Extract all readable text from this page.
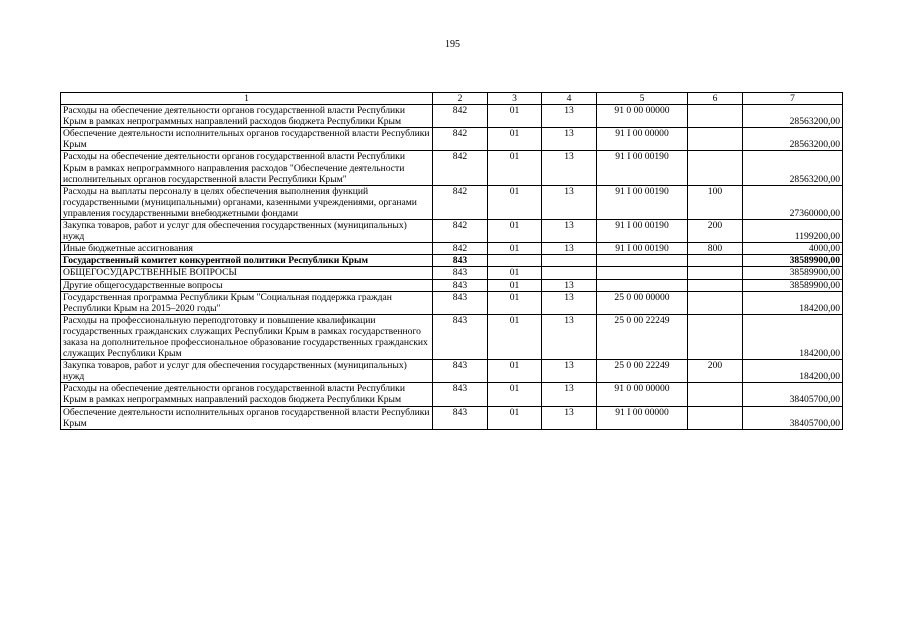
195
1	2	3	4	5	6	7
Расходы на обеспечение деятельности органов государственной власти Республики Крым в рамках непрограммных направлений расходов бюджета Республики Крым	842	01	13	91 0 00 00000		28563200,00
Обеспечение деятельности исполнительных органов государственной власти Республики Крым	842	01	13	91 I 00 00000		28563200,00
Расходы на обеспечение деятельности органов государственной власти Республики Крым в рамках непрограммного направления расходов "Обеспечение деятельности исполнительных органов государственной власти Республики Крым"	842	01	13	91 I 00 00190		28563200,00
Расходы на выплаты персоналу в целях обеспечения выполнения функций государственными (муниципальными) органами, казенными учреждениями, органами управления государственными внебюджетными фондами	842	01	13	91 I 00 00190	100	27360000,00
Закупка товаров, работ и услуг для обеспечения государственных (муниципальных) нужд	842	01	13	91 I 00 00190	200	1199200,00
Иные бюджетные ассигнования	842	01	13	91 I 00 00190	800	4000,00
Государственный комитет конкурентной политики Республики Крым	843					38589900,00
ОБЩЕГОСУДАРСТВЕННЫЕ ВОПРОСЫ	843	01				38589900,00
Другие общегосударственные вопросы	843	01	13			38589900,00
Государственная программа Республики Крым "Социальная поддержка граждан Республики Крым на 2015–2020 годы"	843	01	13	25 0 00 00000		184200,00
Расходы на профессиональную переподготовку и повышение квалификации государственных гражданских служащих Республики Крым в рамках государственного заказа на дополнительное профессиональное образование государственных гражданских служащих Республики Крым	843	01	13	25 0 00 22249		184200,00
Закупка товаров, работ и услуг для обеспечения государственных (муниципальных) нужд	843	01	13	25 0 00 22249	200	184200,00
Расходы на обеспечение деятельности органов государственной власти Республики Крым в рамках непрограммных направлений расходов бюджета Республики Крым	843	01	13	91 0 00 00000		38405700,00
Обеспечение деятельности исполнительных органов государственной власти Республики Крым	843	01	13	91 I 00 00000		38405700,00
